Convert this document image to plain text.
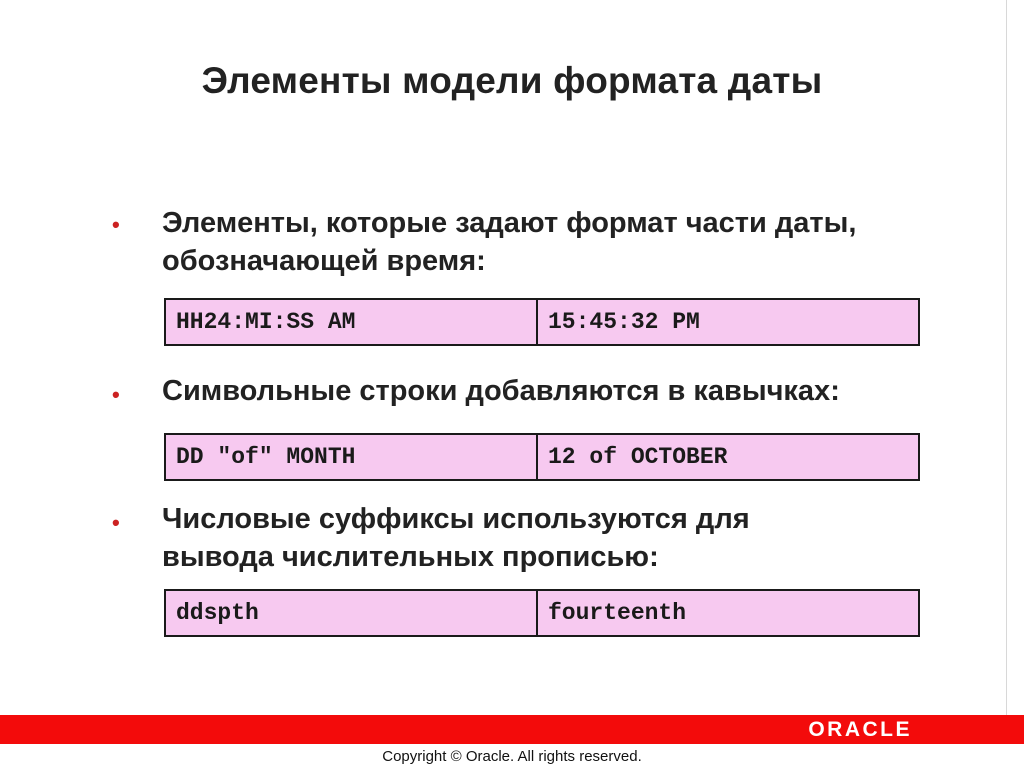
Элементы модели формата даты
• Элементы, которые задают формат части даты,
обозначающей время:
HH24:MI:SS AM	15:45:32 PM
• Символьные строки добавляются в кавычках:
DD "of" MONTH	12 of OCTOBER
• Числовые суффиксы используются для
вывода числительных прописью:
ddspth	fourteenth
ORACLE
Copyright © Oracle. All rights reserved.
